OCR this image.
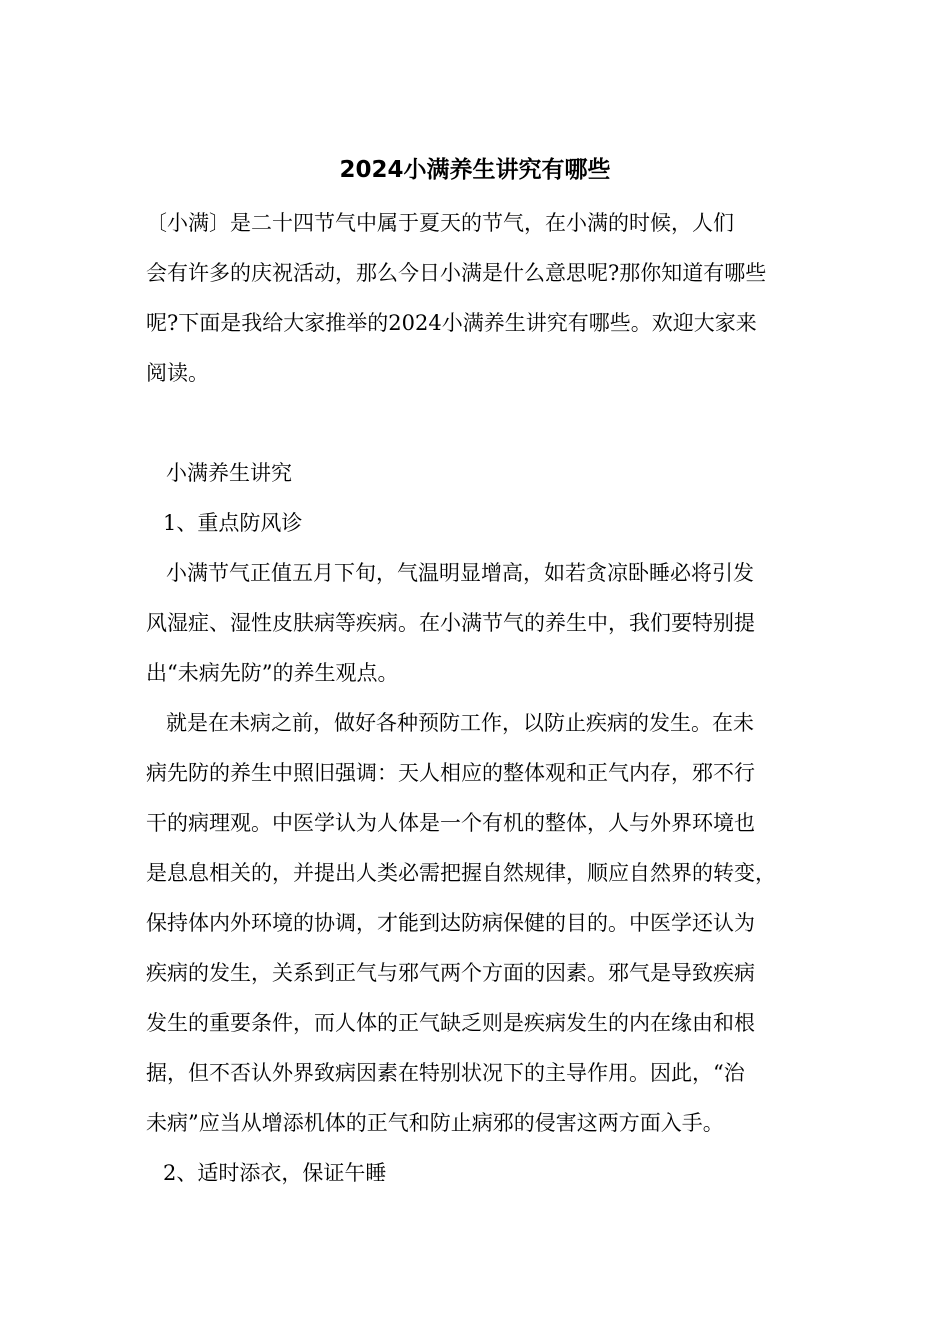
2024小满养生讲究有哪些

〔小满〕是二十四节气中属于夏天的节气，在小满的时候，人们

会有许多的庆祝活动，那么今日小满是什么意思呢?那你知道有哪些

呢?下面是我给大家推举的2024小满养生讲究有哪些。欢迎大家来

阅读。

小满养生讲究

1、重点防风诊

小满节气正值五月下旬，气温明显增高，如若贪凉卧睡必将引发

风湿症、湿性皮肤病等疾病。在小满节气的养生中，我们要特别提

出“未病先防”的养生观点。

就是在未病之前，做好各种预防工作，以防止疾病的发生。在未

病先防的养生中照旧强调：天人相应的整体观和正气内存，邪不行

干的病理观。中医学认为人体是一个有机的整体，人与外界环境也

是息息相关的，并提出人类必需把握自然规律，顺应自然界的转变，

保持体内外环境的协调，才能到达防病保健的目的。中医学还认为

疾病的发生，关系到正气与邪气两个方面的因素。邪气是导致疾病

发生的重要条件，而人体的正气缺乏则是疾病发生的内在缘由和根

据，但不否认外界致病因素在特别状况下的主导作用。因此，“治

未病”应当从增添机体的正气和防止病邪的侵害这两方面入手。

2、适时添衣，保证午睡
